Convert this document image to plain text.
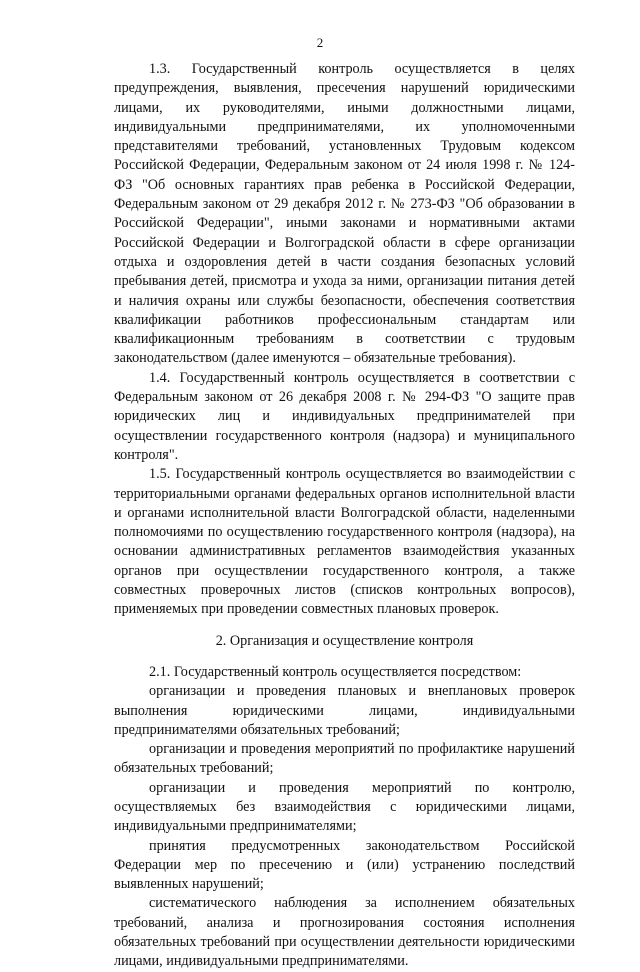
2

1.3. Государственный контроль осуществляется в целях предупреждения, выявления, пресечения нарушений юридическими лицами, их руководителями, иными должностными лицами, индивидуальными предпринимателями, их уполномоченными представителями требований, установленных Трудовым кодексом Российской Федерации, Федеральным законом от 24 июля 1998 г. № 124-ФЗ "Об основных гарантиях прав ребенка в Российской Федерации, Федеральным законом от 29 декабря 2012 г. № 273-ФЗ "Об образовании в Российской Федерации", иными законами и нормативными актами Российской Федерации и Волгоградской области в сфере организации отдыха и оздоровления детей в части создания безопасных условий пребывания детей, присмотра и ухода за ними, организации питания детей и наличия охраны или службы безопасности, обеспечения соответствия квалификации работников профессиональным стандартам или квалификационным требованиям в соответствии с трудовым законодательством (далее именуются – обязательные требования).

1.4. Государственный контроль осуществляется в соответствии с Федеральным законом от 26 декабря 2008 г. № 294-ФЗ "О защите прав юридических лиц и индивидуальных предпринимателей при осуществлении государственного контроля (надзора) и муниципального контроля".

1.5. Государственный контроль осуществляется во взаимодействии с территориальными органами федеральных органов исполнительной власти и органами исполнительной власти Волгоградской области, наделенными полномочиями по осуществлению государственного контроля (надзора), на основании административных регламентов взаимодействия указанных органов при осуществлении государственного контроля, а также совместных проверочных листов (списков контрольных вопросов), применяемых при проведении совместных плановых проверок.

2. Организация и осуществление контроля

2.1. Государственный контроль осуществляется посредством:

организации и проведения плановых и внеплановых проверок выполнения юридическими лицами, индивидуальными предпринимателями обязательных требований;

организации и проведения мероприятий по профилактике нарушений обязательных требований;

организации и проведения мероприятий по контролю, осуществляемых без взаимодействия с юридическими лицами, индивидуальными предпринимателями;

принятия предусмотренных законодательством Российской Федерации мер по пресечению и (или) устранению последствий выявленных нарушений;

систематического наблюдения за исполнением обязательных требований, анализа и прогнозирования состояния исполнения обязательных требований при осуществлении деятельности юридическими лицами, индивидуальными предпринимателями.
